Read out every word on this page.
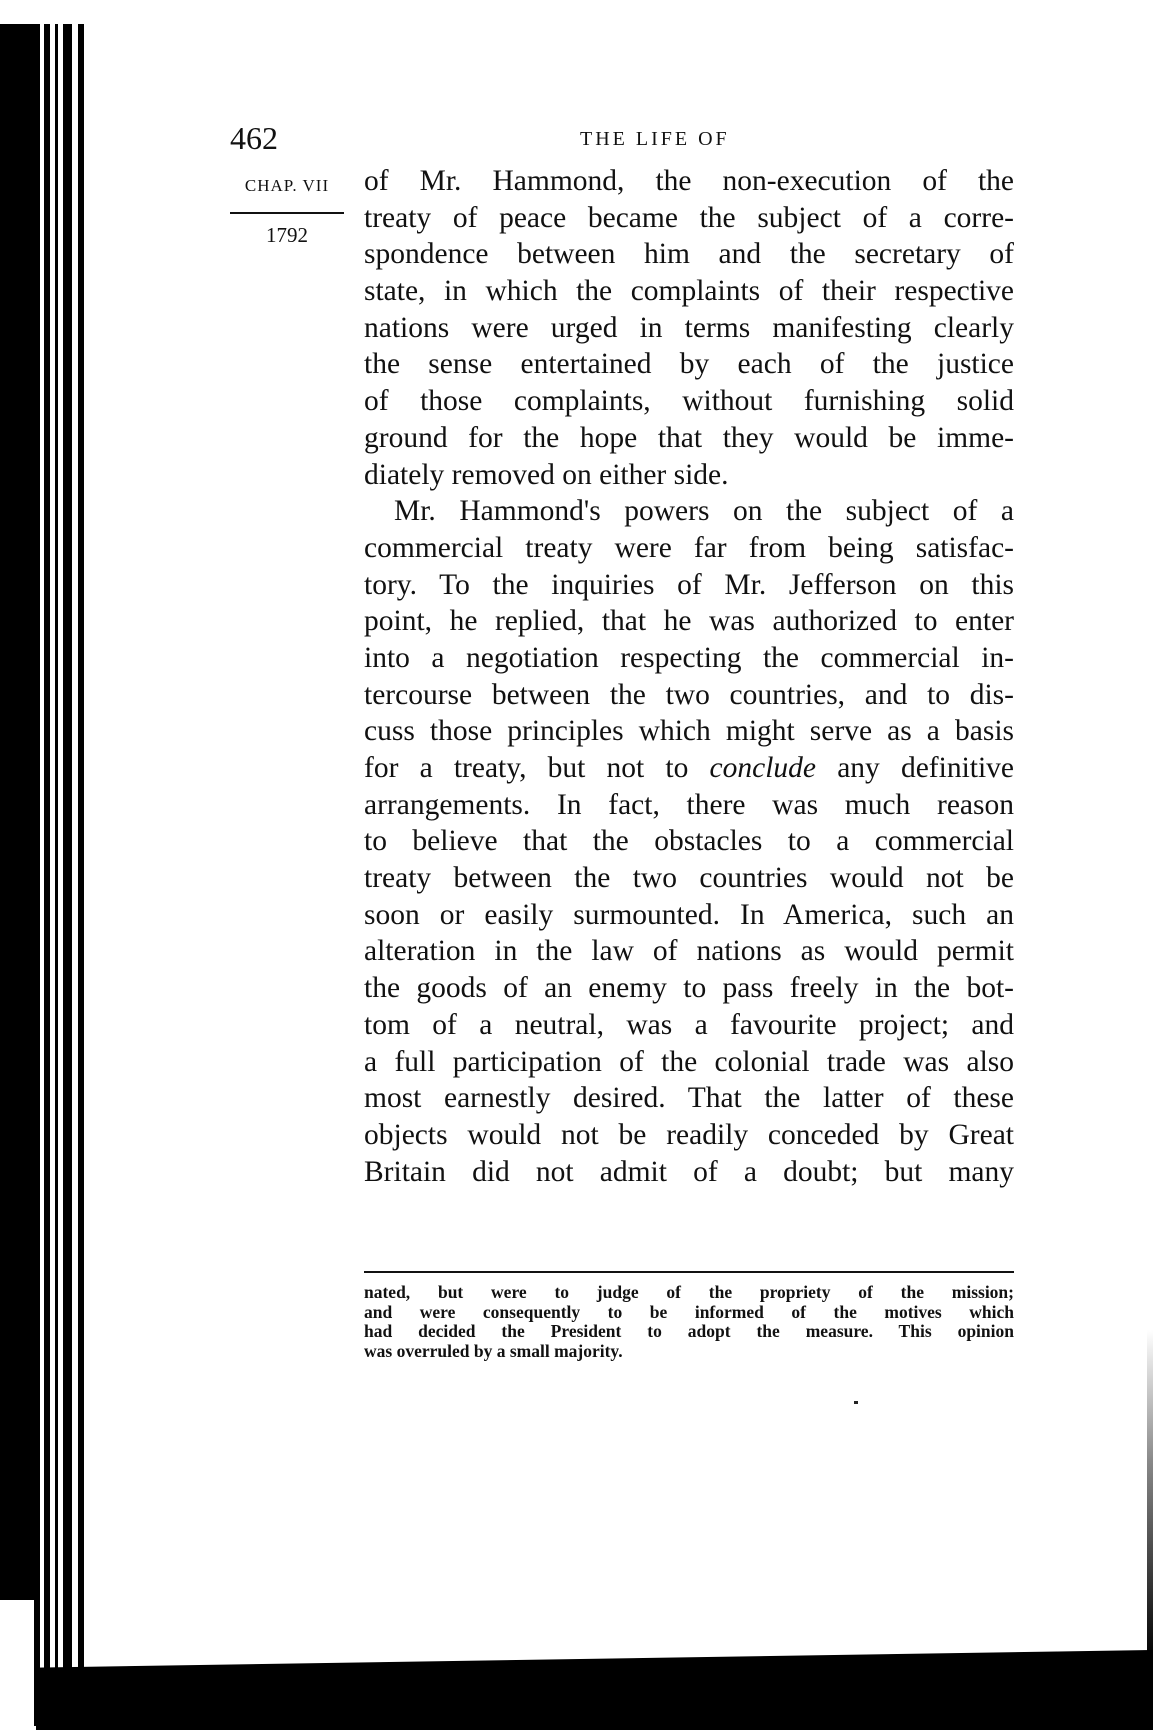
462	THE LIFE OF
CHAP. VII
1792
of Mr. Hammond, the non-execution of the
treaty of peace became the subject of a corre-
spondence between him and the secretary of
state, in which the complaints of their respective
nations were urged in terms manifesting clearly
the sense entertained by each of the justice
of those complaints, without furnishing solid
ground for the hope that they would be imme-
diately removed on either side.
Mr. Hammond's powers on the subject of a
commercial treaty were far from being satisfac-
tory. To the inquiries of Mr. Jefferson on this
point, he replied, that he was authorized to enter
into a negotiation respecting the commercial in-
tercourse between the two countries, and to dis-
cuss those principles which might serve as a basis
for a treaty, but not to conclude any definitive
arrangements. In fact, there was much reason
to believe that the obstacles to a commercial
treaty between the two countries would not be
soon or easily surmounted. In America, such an
alteration in the law of nations as would permit
the goods of an enemy to pass freely in the bot-
tom of a neutral, was a favourite project; and
a full participation of the colonial trade was also
most earnestly desired. That the latter of these
objects would not be readily conceded by Great
Britain did not admit of a doubt; but many
nated, but were to judge of the propriety of the mission;
and were consequently to be informed of the motives which
had decided the President to adopt the measure. This opinion
was overruled by a small majority.
